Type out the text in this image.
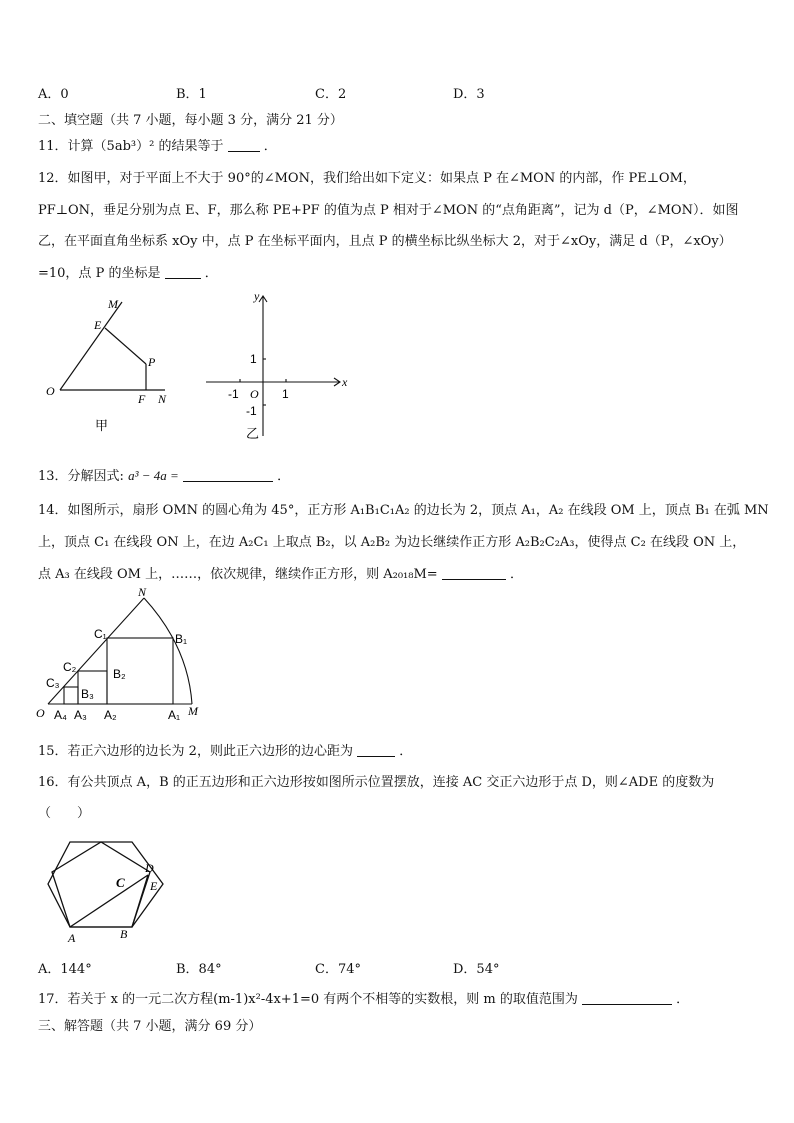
A．0	B．1	C．2	D．3
二、填空题（共 7 小题，每小题 3 分，满分 21 分）
11．计算（5ab³）² 的结果等于	．
12．如图甲，对于平面上不大于 90°的∠MON，我们给出如下定义：如果点 P 在∠MON 的内部，作 PE⊥OM，
PF⊥ON，垂足分别为点 E、F，那么称 PE+PF 的值为点 P 相对于∠MON 的“点角距离”，记为 d（P，∠MON）．如图
乙，在平面直角坐标系 xOy 中，点 P 在坐标平面内，且点 P 的横坐标比纵坐标大 2，对于∠xOy，满足 d（P，∠xOy）
=10，点 P 的坐标是	．
M
E
P
O
F N
甲
y
x
1
-1 O 1
-1
乙
13．分解因式: a³ − 4a =	．
14．如图所示，扇形 OMN 的圆心角为 45°，正方形 A₁B₁C₁A₂ 的边长为 2，顶点 A₁，A₂ 在线段 OM 上，顶点 B₁ 在弧 MN
上，顶点 C₁ 在线段 ON 上，在边 A₂C₁ 上取点 B₂，以 A₂B₂ 为边长继续作正方形 A₂B₂C₂A₃，使得点 C₂ 在线段 ON 上，
点 A₃ 在线段 OM 上，……，依次规律，继续作正方形，则 A₂₀₁₈M=	．
N
C₁	B₁
C₂	B₂
C₃
B₃
O A₄ A₃ A₂	A₁ M
15．若正六边形的边长为 2，则此正六边形的边心距为	．
16．有公共顶点 A，B 的正五边形和正六边形按如图所示位置摆放，连接 AC 交正六边形于点 D，则∠ADE 的度数为
（　　）
C
D
E
A	B
A．144°	B．84°	C．74°	D．54°
17．若关于 x 的一元二次方程(m-1)x²-4x+1=0 有两个不相等的实数根，则 m 的取值范围为	．
三、解答题（共 7 小题，满分 69 分）
